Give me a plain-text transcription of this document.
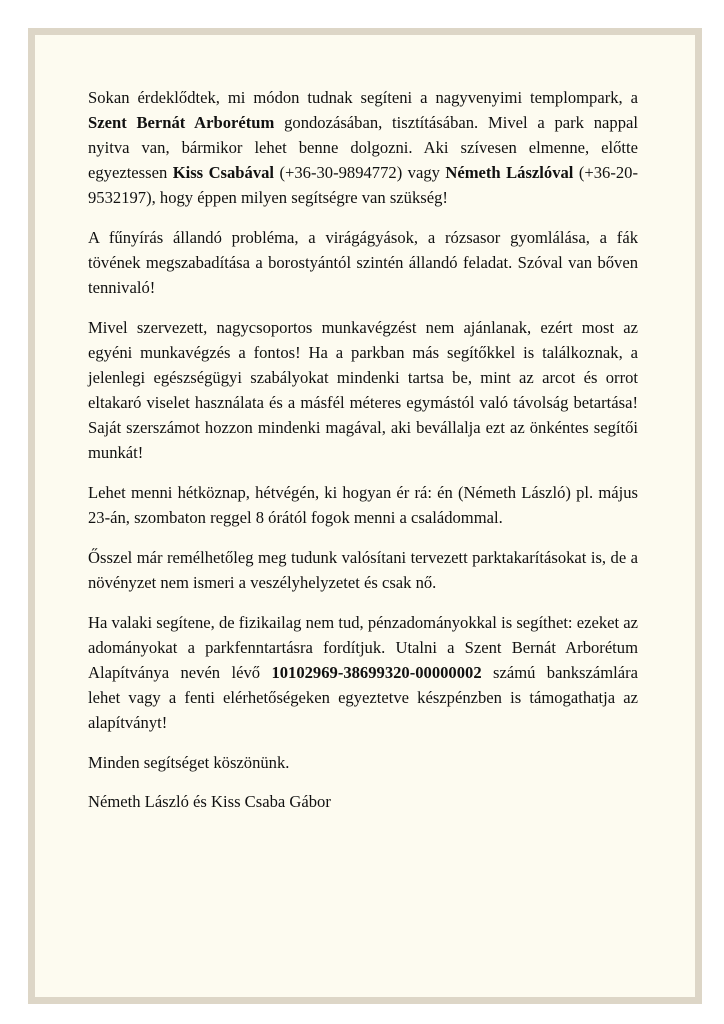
Sokan érdeklődtek, mi módon tudnak segíteni a nagyvenyimi templompark, a Szent Bernát Arborétum gondozásában, tisztításában. Mivel a park nappal nyitva van, bármikor lehet benne dolgozni. Aki szívesen elmenne, előtte egyeztessen Kiss Csabával (+36-30-9894772) vagy Németh Lászlóval (+36-20-9532197), hogy éppen milyen segítségre van szükség!

A fűnyírás állandó probléma, a virágágyások, a rózsasor gyomlálása, a fák tövének megszabadítása a borostyántól szintén állandó feladat. Szóval van bőven tennivaló!

Mivel szervezett, nagycsoportos munkavégzést nem ajánlanak, ezért most az egyéni munkavégzés a fontos! Ha a parkban más segítőkkel is találkoznak, a jelenlegi egészségügyi szabályokat mindenki tartsa be, mint az arcot és orrot eltakaró viselet használata és a másfél méteres egymástól való távolság betartása! Saját szerszámot hozzon mindenki magával, aki bevállalja ezt az önkéntes segítői munkát!

Lehet menni hétköznap, hétvégén, ki hogyan ér rá: én (Németh László) pl. május 23-án, szombaton reggel 8 órától fogok menni a családommal.

Ősszel már remélhetőleg meg tudunk valósítani tervezett parktakarításokat is, de a növényzet nem ismeri a veszélyhelyzetet és csak nő.

Ha valaki segítene, de fizikailag nem tud, pénzadományokkal is segíthet: ezeket az adományokat a parkfenntartásra fordítjuk. Utalni a Szent Bernát Arborétum Alapítványa nevén lévő 10102969-38699320-00000002 számú bankszámlára lehet vagy a fenti elérhetőségeken egyeztetve készpénzben is támogathatja az alapítványt!

Minden segítséget köszönünk.

Németh László és Kiss Csaba Gábor
